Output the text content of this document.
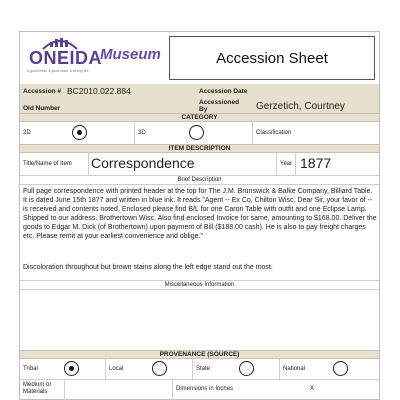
ONEIDA
A good mind. A good heart. A strong fire.
Museum	Accession Sheet
Accession # BC2010.022.884	Accession Date
Old Number
Accessioned By	Gerzetich, Courtney
CATEGORY
2D	3D	Classification
ITEM DESCRIPTION
Title/Name of Item Correspondence	Year 1877
Brief Description
Full page correspondence with printed header at the top for The J.M. Brunswick & Balke Company, Billiard Table. It is dated June 15th 1877 and written in blue ink. It reads "Agent -- Ex Co, Chilton Wisc. Dear Sir, your favor of -- is received and contents noted. Enclosed please find B/L for one Caron Table with outfit and one Eclipse Lamp. Shipped to our address. Brothertown Wisc. Also find enclosed Invoice for same, amounting to $168.00. Deliver the goods to Edgar M. Dick (of Brothertown) upon payment of Bill ($188.00 cash). He is also to pay freight charges etc. Please remit at your earliest convenience and oblige."
Discoloration throughout but brown stains along the left edge stand out the most.
Miscellaneous Information
PROVENANCE (SOURCE)
Tribal	Local	State	National
Medium or Materials	Dimensions in Inches	X
